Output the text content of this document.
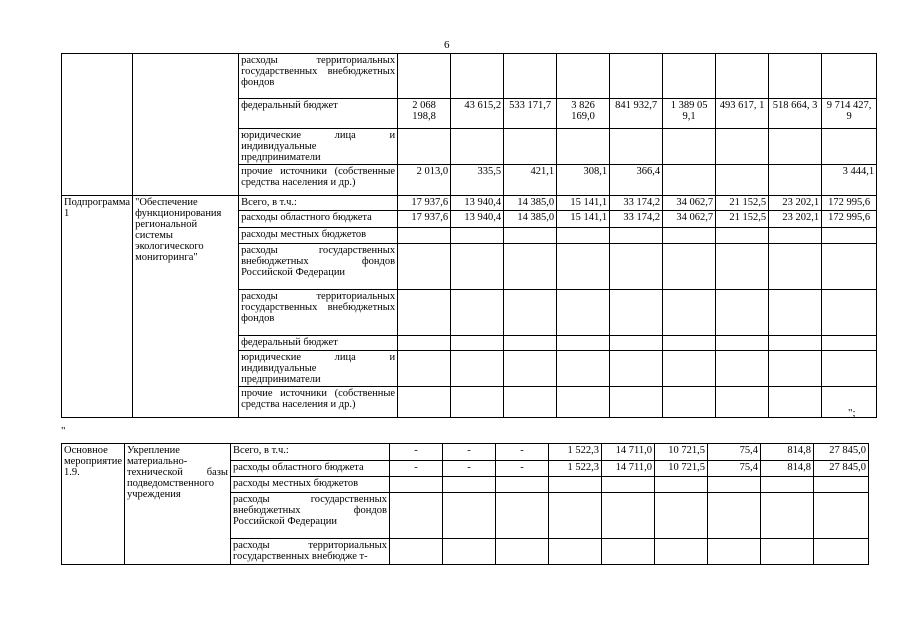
6
		расходы территориальных государственных внебюджетных фондов									
		федеральный бюджет	2 068 198,8	43 615,2	533 171,7	3 826 169,0	841 932,7	1 389 05 9,1	493 617, 1	518 664, 3	9 714 427, 9
		юридические лица и индивидуальные предприниматели									
		прочие источники (собственные средства населения и др.)	2 013,0	335,5	421,1	308,1	366,4				3 444,1
Подпрограмма 1	"Обеспечение функционирования региональной системы экологического мониторинга"	Всего, в т.ч.:	17 937,6	13 940,4	14 385,0	15 141,1	33 174,2	34 062,7	21 152,5	23 202,1	172 995,6
		расходы областного бюджета	17 937,6	13 940,4	14 385,0	15 141,1	33 174,2	34 062,7	21 152,5	23 202,1	172 995,6
		расходы местных бюджетов									
		расходы государственных внебюджетных фондов Российской Федерации									
		расходы территориальных государственных внебюджетных фондов									
		федеральный бюджет									
		юридические лица и индивидуальные предприниматели									
		прочие источники (собственные средства населения и др.)									
";
"
Основное мероприятие 1.9.	Укрепление материально-технической базы подведомственного учреждения	Всего, в т.ч.:	-	-	-	1 522,3	14 711,0	10 721,5	75,4	814,8	27 845,0
		расходы областного бюджета	-	-	-	1 522,3	14 711,0	10 721,5	75,4	814,8	27 845,0
		расходы местных бюджетов									
		расходы государственных внебюджетных фондов Российской Федерации									
		расходы территориальных государственных внебюдже т-									
